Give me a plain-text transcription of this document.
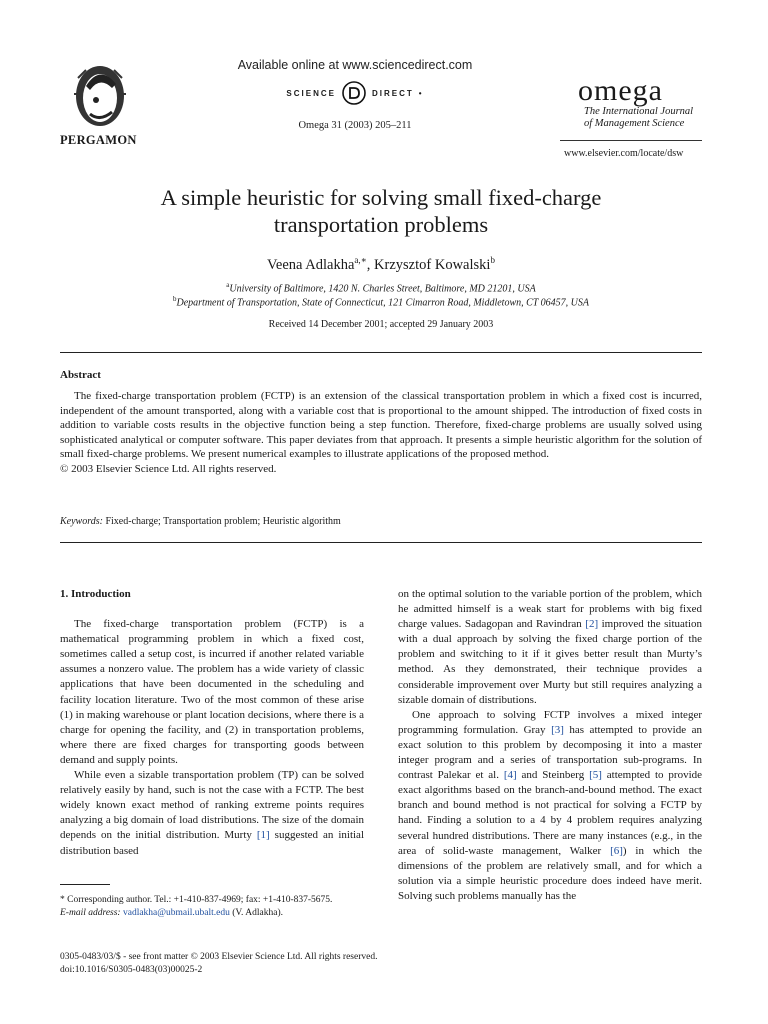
PERGAMON
Available online at www.sciencedirect.com
SCIENCE	DIRECT •
Omega 31 (2003) 205–211
omega
The International Journal
of Management Science
www.elsevier.com/locate/dsw
A simple heuristic for solving small fixed-charge
transportation problems
Veena Adlakha$^{a,∗}$, Krzysztof Kowalski$^b$
$^a$University of Baltimore, 1420 N. Charles Street, Baltimore, MD 21201, USA
$^b$Department of Transportation, State of Connecticut, 121 Cimarron Road, Middletown, CT 06457, USA
Received 14 December 2001; accepted 29 January 2003
Abstract

The fixed-charge transportation problem (FCTP) is an extension of the classical transportation problem in which a fixed cost is incurred, independent of the amount transported, along with a variable cost that is proportional to the amount shipped. The introduction of fixed costs in addition to variable costs results in the objective function being a step function. Therefore, fixed-charge problems are usually solved using sophisticated analytical or computer software. This paper deviates from that approach. It presents a simple heuristic algorithm for the solution of small fixed-charge problems. We present numerical examples to illustrate applications of the proposed method.

© 2003 Elsevier Science Ltd. All rights reserved.

Keywords: Fixed-charge; Transportation problem; Heuristic algorithm

1. Introduction

The fixed-charge transportation problem (FCTP) is a mathematical programming problem in which a fixed cost, sometimes called a setup cost, is incurred if another related variable assumes a nonzero value. The problem has a wide variety of classic applications that have been documented in the scheduling and facility location literature. Two of the most common of these arise (1) in making warehouse or plant location decisions, where there is a charge for opening the facility, and (2) in transportation problems, where there are fixed charges for transporting goods between demand and supply points.

While even a sizable transportation problem (TP) can be solved relatively easily by hand, such is not the case with a FCTP. The best widely known exact method of ranking extreme points requires analyzing a big domain of load distributions. The size of the domain depends on the initial distribution. Murty [1] suggested an initial distribution based

on the optimal solution to the variable portion of the problem, which he admitted himself is a weak start for problems with big fixed charge values. Sadagopan and Ravindran [2] improved the situation with a dual approach by solving the fixed charge portion of the problem and switching to it if it gives better result than Murty’s method. As they demonstrated, their technique provides a considerable improvement over Murty but still requires analyzing a sizable domain of distributions.

One approach to solving FCTP involves a mixed integer programming formulation. Gray [3] has attempted to provide an exact solution to this problem by decomposing it into a master integer program and a series of transportation sub-programs. In contrast Palekar et al. [4] and Steinberg [5] attempted to provide exact algorithms based on the branch-and-bound method. The exact branch and bound method is not practical for solving a FCTP by hand. Finding a solution to a 4 by 4 problem requires analyzing several hundred distributions. There are many instances (e.g., in the area of solid-waste management, Walker [6]) in which the dimensions of the problem are relatively small, and for which a solution via a simple heuristic procedure does indeed have merit. Solving such problems manually has the

* Corresponding author. Tel.: +1-410-837-4969; fax: +1-410-837-5675.
E-mail address: vadlakha@ubmail.ubalt.edu (V. Adlakha).
0305-0483/03/$ - see front matter © 2003 Elsevier Science Ltd. All rights reserved.
doi:10.1016/S0305-0483(03)00025-2
